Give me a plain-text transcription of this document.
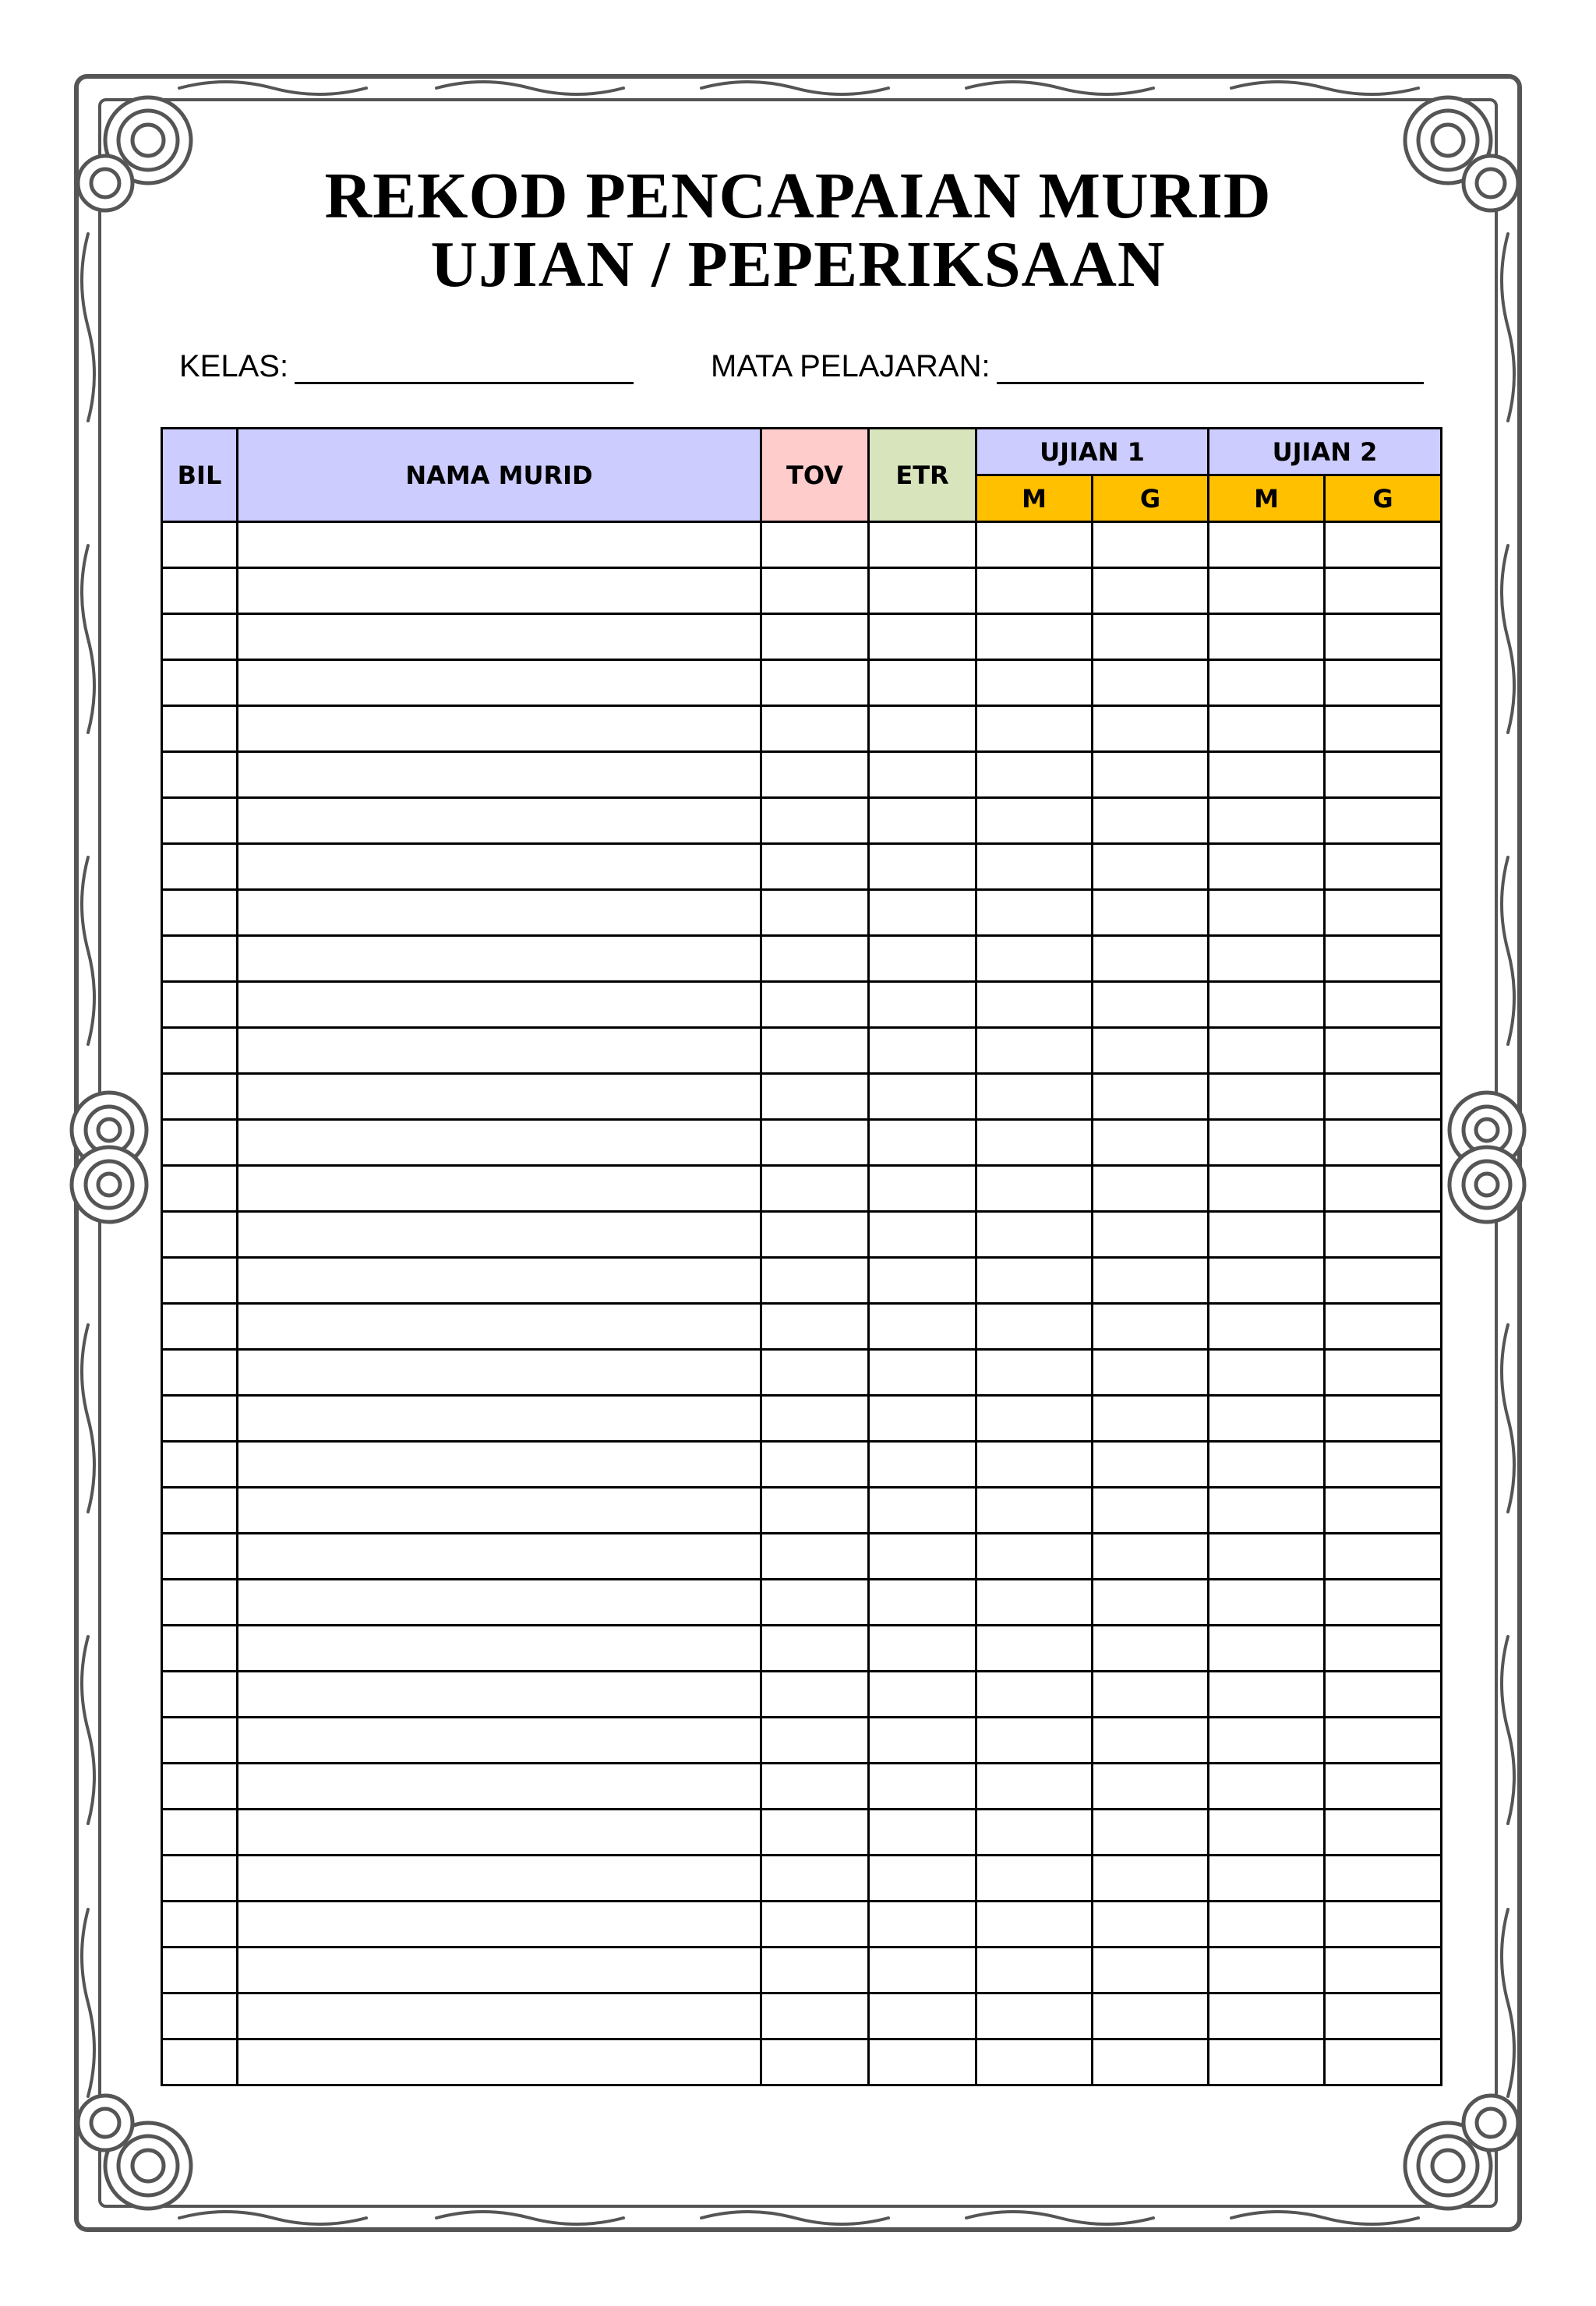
REKOD PENCAPAIAN MURID
UJIAN / PEPERIKSAAN
KELAS:	MATA PELAJARAN:
BIL	NAMA MURID	TOV	ETR	UJIAN 1		UJIAN 2	
				M	G	M	G
